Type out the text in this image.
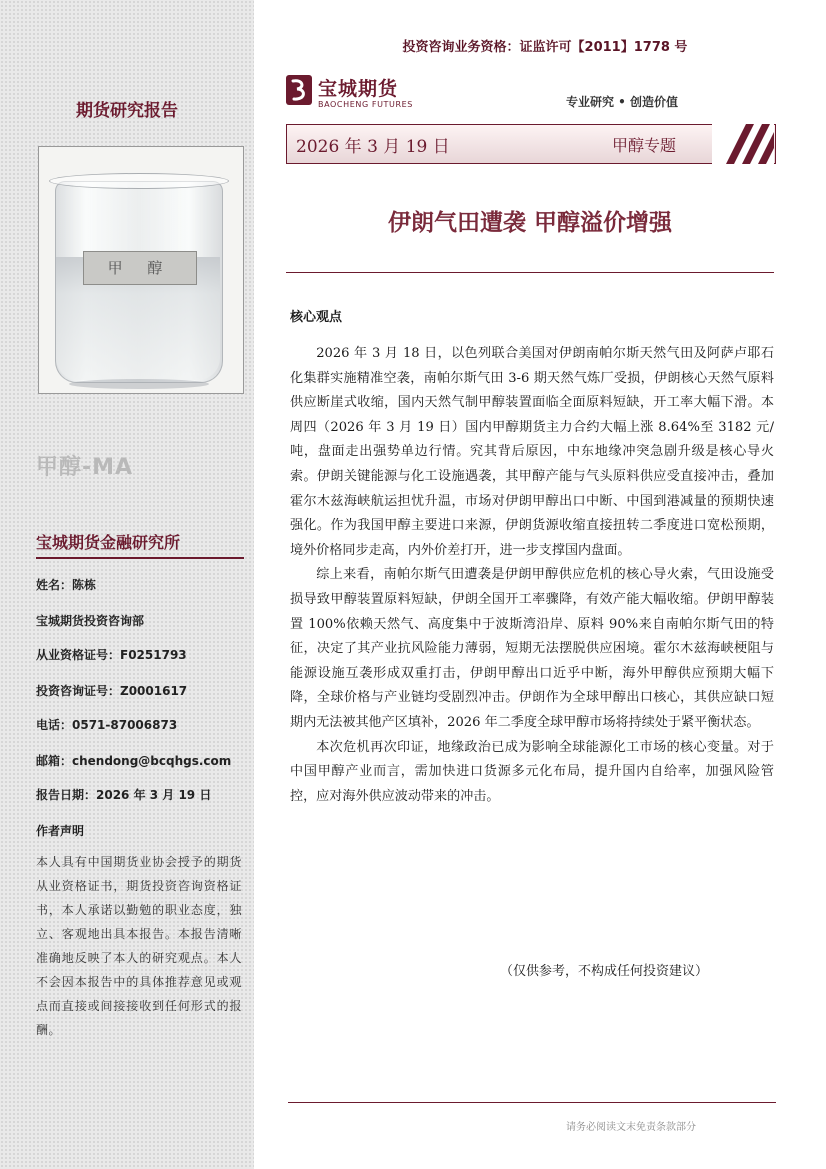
期货研究报告
甲 醇
甲醇-MA
宝城期货金融研究所
姓名：陈栋
宝城期货投资咨询部
从业资格证号：F0251793
投资咨询证号：Z0001617
电话：0571-87006873
邮箱：chendong@bcqhgs.com
报告日期：2026 年 3 月 19 日
作者声明
本人具有中国期货业协会授予的期货从业资格证书，期货投资咨询资格证书，本人承诺以勤勉的职业态度，独立、客观地出具本报告。本报告清晰准确地反映了本人的研究观点。本人不会因本报告中的具体推荐意见或观点而直接或间接接收到任何形式的报酬。
投资咨询业务资格：证监许可【2011】1778 号
宝城期货
BAOCHENG FUTURES	专业研究 • 创造价值
2026 年 3 月 19 日	甲醇专题
伊朗气田遭袭 甲醇溢价增强
核心观点

2026 年 3 月 18 日，以色列联合美国对伊朗南帕尔斯天然气田及阿萨卢耶石化集群实施精准空袭，南帕尔斯气田 3-6 期天然气炼厂受损，伊朗核心天然气原料供应断崖式收缩，国内天然气制甲醇装置面临全面原料短缺，开工率大幅下滑。本周四（2026 年 3 月 19 日）国内甲醇期货主力合约大幅上涨 8.64%至 3182 元/吨，盘面走出强势单边行情。究其背后原因，中东地缘冲突急剧升级是核心导火索。伊朗关键能源与化工设施遇袭，其甲醇产能与气头原料供应受直接冲击，叠加霍尔木兹海峡航运担忧升温，市场对伊朗甲醇出口中断、中国到港减量的预期快速强化。作为我国甲醇主要进口来源，伊朗货源收缩直接扭转二季度进口宽松预期，境外价格同步走高，内外价差打开，进一步支撑国内盘面。

综上来看，南帕尔斯气田遭袭是伊朗甲醇供应危机的核心导火索，气田设施受损导致甲醇装置原料短缺，伊朗全国开工率骤降，有效产能大幅收缩。伊朗甲醇装置 100%依赖天然气、高度集中于波斯湾沿岸、原料 90%来自南帕尔斯气田的特征，决定了其产业抗风险能力薄弱，短期无法摆脱供应困境。霍尔木兹海峡梗阻与能源设施互袭形成双重打击，伊朗甲醇出口近乎中断，海外甲醇供应预期大幅下降，全球价格与产业链均受剧烈冲击。伊朗作为全球甲醇出口核心，其供应缺口短期内无法被其他产区填补，2026 年二季度全球甲醇市场将持续处于紧平衡状态。

本次危机再次印证，地缘政治已成为影响全球能源化工市场的核心变量。对于中国甲醇产业而言，需加快进口货源多元化布局，提升国内自给率，加强风险管控，应对海外供应波动带来的冲击。

（仅供参考，不构成任何投资建议）
请务必阅读文末免责条款部分
